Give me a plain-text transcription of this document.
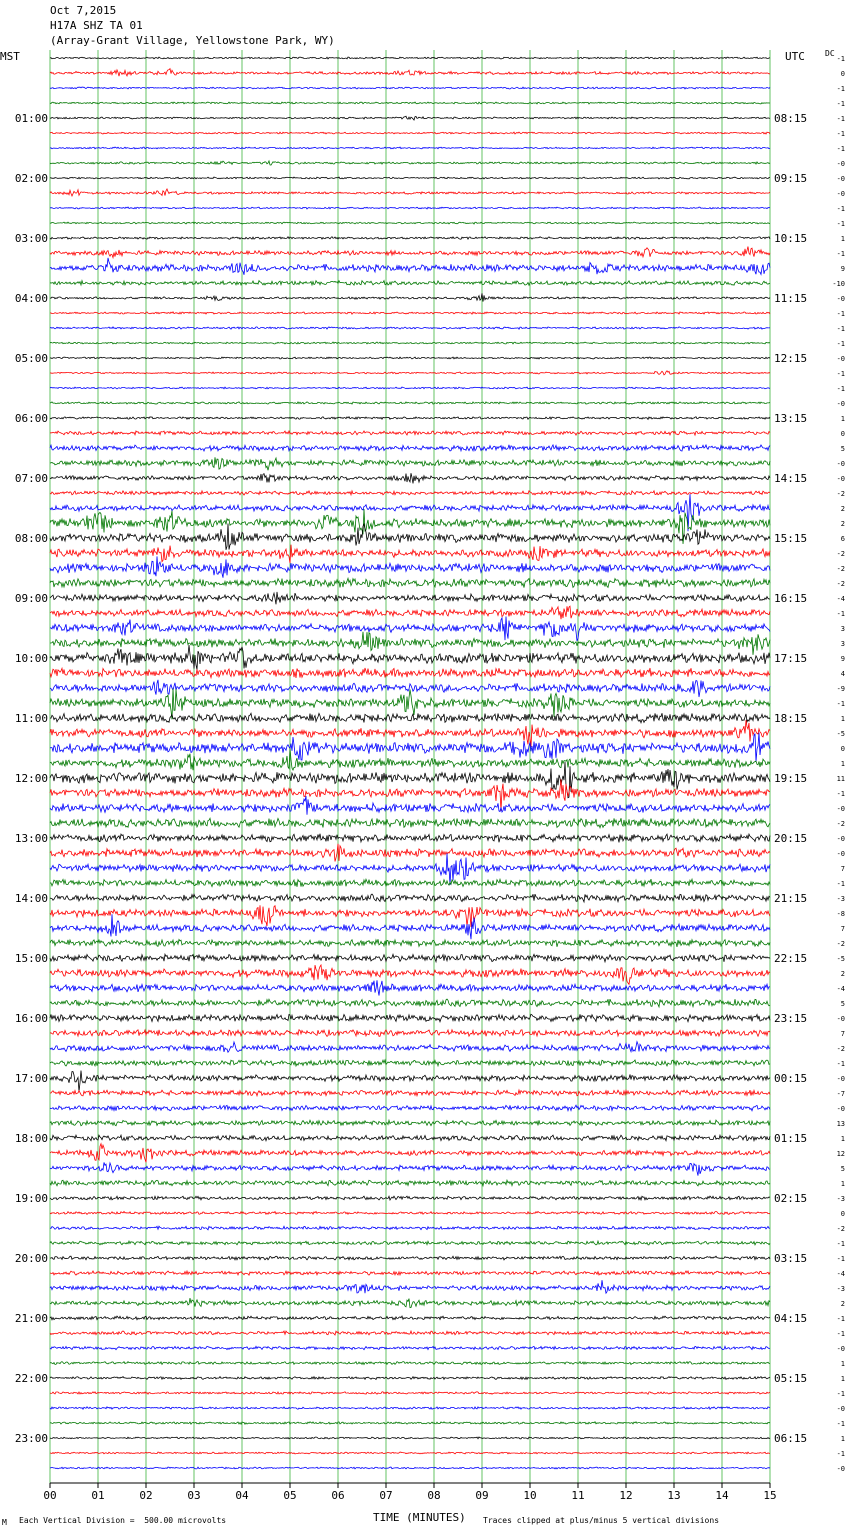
Oct 7,2015
H17A SHZ TA 01
(Array-Grant Village, Yellowstone Park, WY)
MST	UTC	DC
00	01	02	03	04	05	06	07	08	09	10	11	12	13	14	15
-1
0
-1
-1
-1
01:00	08:15
-1
-1
-0
-0
02:00	09:15
-0
-1
-1
1
03:00	10:15
-1
9
-10
-0
04:00	11:15
-1
-1
-1
-0
05:00	12:15
-1
-1
-0
1
06:00	13:15
0
5
-0
-0
07:00	14:15
-2
2
2
6
08:00	15:15
-2
-2
-2
-4
09:00	16:15
-1
3
3
9
10:00	17:15
4
-9
-1
1
11:00	18:15
-5
0
1
11
12:00	19:15
-1
-0
-2
-0
13:00	20:15
-0
7
-1
-3
14:00	21:15
-8
7
-2
-5
15:00	22:15
2
-4
5
-0
16:00	23:15
7
-2
-1
-0
17:00	00:15
-7
-0
13
1
18:00	01:15
12
5
1
-3
19:00	02:15
0
-2
-1
-1
20:00	03:15
-4
-3
2
-1
21:00	04:15
-1
-0
1
1
22:00	05:15
-1
-0
-1
1
23:00	06:15
-1
-0
TIME (MINUTES)
M Each Vertical Division =  500.00 microvolts	Traces clipped at plus/minus 5 vertical divisions
